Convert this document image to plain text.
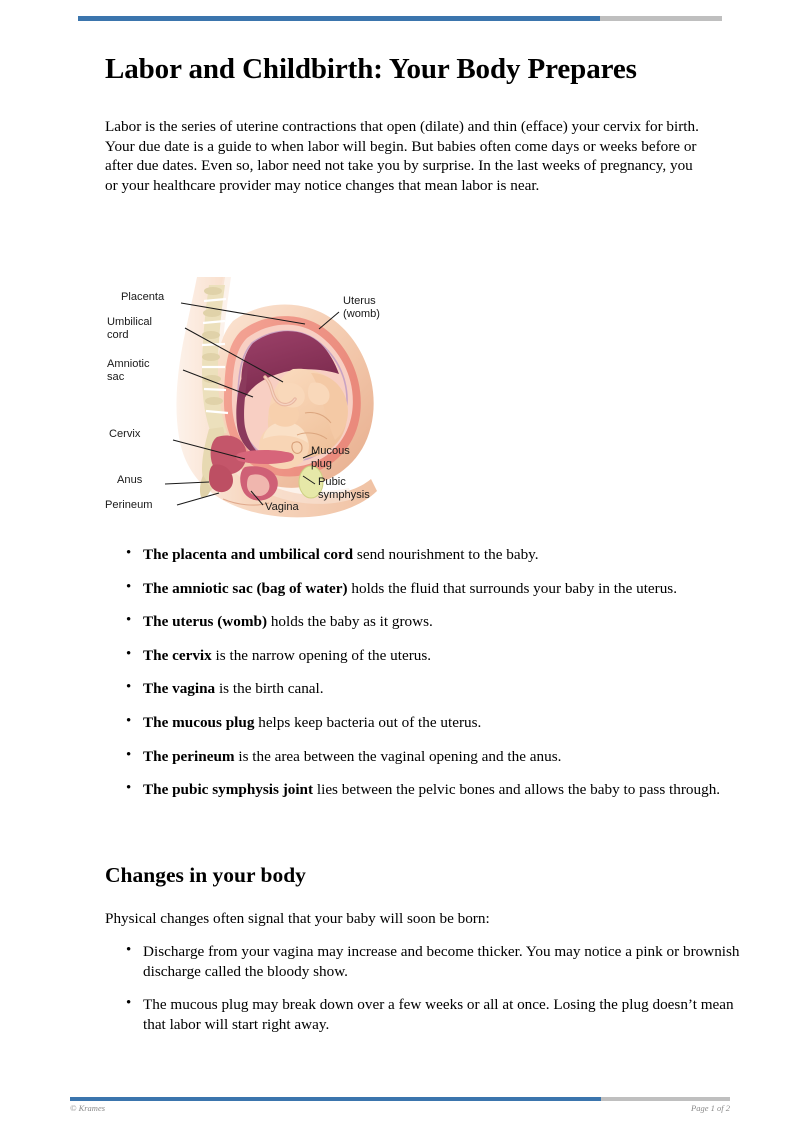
Labor and Childbirth: Your Body Prepares

Labor is the series of uterine contractions that open (dilate) and thin (efface) your cervix for birth. Your due date is a guide to when labor will begin. But babies often come days or weeks before or after due dates. Even so, labor need not take you by surprise. In the last weeks of pregnancy, you or your healthcare provider may notice changes that mean labor is near.

Placenta
Umbilical
cord
Amniotic
sac
Cervix
Anus
Perineum
Uterus
(womb)
Mucous
plug
Pubic
symphysis
Vagina
• The placenta and umbilical cord send nourishment to the baby.
• The amniotic sac (bag of water) holds the fluid that surrounds your baby in the uterus.
• The uterus (womb) holds the baby as it grows.
• The cervix is the narrow opening of the uterus.
• The vagina is the birth canal.
• The mucous plug helps keep bacteria out of the uterus.
• The perineum is the area between the vaginal opening and the anus.
• The pubic symphysis joint lies between the pelvic bones and allows the baby to pass through.
Changes in your body

Physical changes often signal that your baby will soon be born:

• Discharge from your vagina may increase and become thicker. You may notice a pink or brownish discharge called the bloody show.
• The mucous plug may break down over a few weeks or all at once. Losing the plug doesn’t mean that labor will start right away.
© Krames	Page 1 of 2
